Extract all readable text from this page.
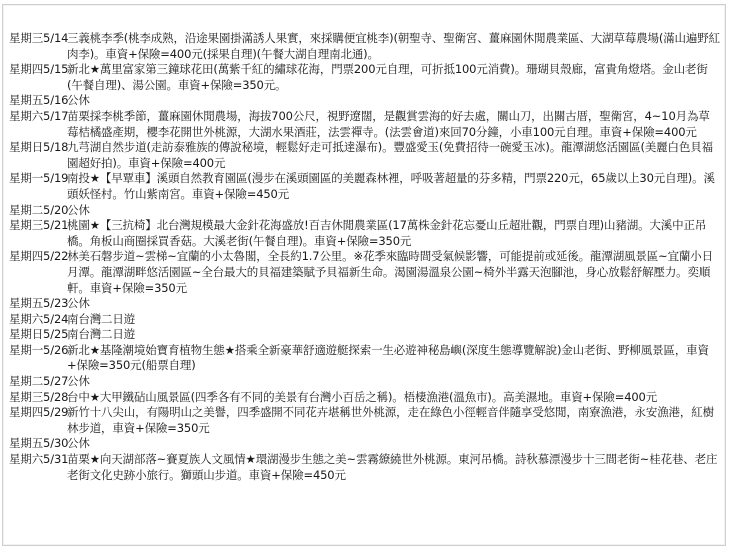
星期三5/14
三義桃李季(桃李成熟，沿途果園掛滿誘人果實，來採購便宜桃李)(朝聖寺、聖衛宮、薑麻園休閒農業區、大湖草莓農場(滿山遍野紅肉李)。車資+保險=400元(採果自理)(午餐大湖自理南北通)。
星期四5/15
新北★萬里富家第三鐘球花田(萬紫千紅的繡球花海，門票200元自理，可折抵100元消費)。珊瑚貝殼廊，富貴角燈塔。金山老街(午餐自理)、湯公園。車資+保險=350元。
星期五5/16
公休
星期六5/17
苗栗採李桃季節，薑麻園休閒農場，海拔700公尺，視野遼闊，是觀賞雲海的好去處，關山刀，出關古厝，聖衛宮，4~10月為草莓桔橘盛產期，櫻李花開世外桃源，大湖水果酒莊，法雲禪寺。(法雲會道)來回70分鐘，小車100元自理。車資+保險=400元
星期日5/18
九芎湖自然步道(走訪泰雅族的傳說秘境，輕鬆好走可抵達瀑布)。豐盛愛玉(免費招待一碗愛玉冰)。龍潭湖悠活園區(美麗白色貝福園超好拍)。車資+保險=400元
星期一5/19
南投★【早覃車】溪頭自然教育園區(漫步在溪頭園區的美麗森林裡，呼吸著超量的芬多精，門票220元，65歲以上30元自理)。溪頭妖怪村。竹山紫南宮。車資+保險=450元
星期二5/20
公休
星期三5/21
桃園★【三抗椅】北台灣規模最大金針花海盛放!百吉休閒農業區(17萬株金針花忘憂山丘超壯觀，門票自理)山豬湖。大溪中正吊橋。角板山商圈採買香菇。大溪老街(午餐自理)。車資+保險=350元
星期四5/22
林美石磐步道~雲梯~宜蘭的小太魯閣，全長約1.7公里。※花季來臨時間受氣候影響，可能提前或延後。龍潭湖風景區~宜蘭小日月潭。龍潭湖畔悠活園區~全台最大的貝福建築賦予貝福新生命。渴園湯溫泉公園~椅外半露天泡腳池，身心放鬆舒解壓力。奕順軒。車資+保險=350元
星期五5/23
公休
星期六5/24
南台灣二日遊
星期日5/25
南台灣二日遊
星期一5/26
新北★基隆潮境始寶育植物生態★搭乘全新豪華舒適遊艇探索一生必遊神秘島嶼(深度生態導覽解說)金山老街、野柳風景區，車資+保險=350元(船票自理)
星期二5/27
公休
星期三5/28
台中★大甲鐵砧山風景區(四季各有不同的美景有台灣小百岳之稱)。梧棲漁港(溫魚市)。高美濕地。車資+保險=400元
星期四5/29
新竹十八尖山，有陽明山之美譽，四季盛開不同花卉堪稱世外桃源，走在綠色小徑輕音伴隨享受悠閒，南寮漁港，永安漁港，紅樹林步道，車資+保險=350元
星期五5/30
公休
星期六5/31
苗栗★向天湖部落~賽夏族人文風情★環湖漫步生態之美~雲霧繚繞世外桃源。東河吊橋。詩秋慕漂漫步十三間老街~桂花巷、老庄老街文化史跡小旅行。獅頭山步道。車資+保險=450元
